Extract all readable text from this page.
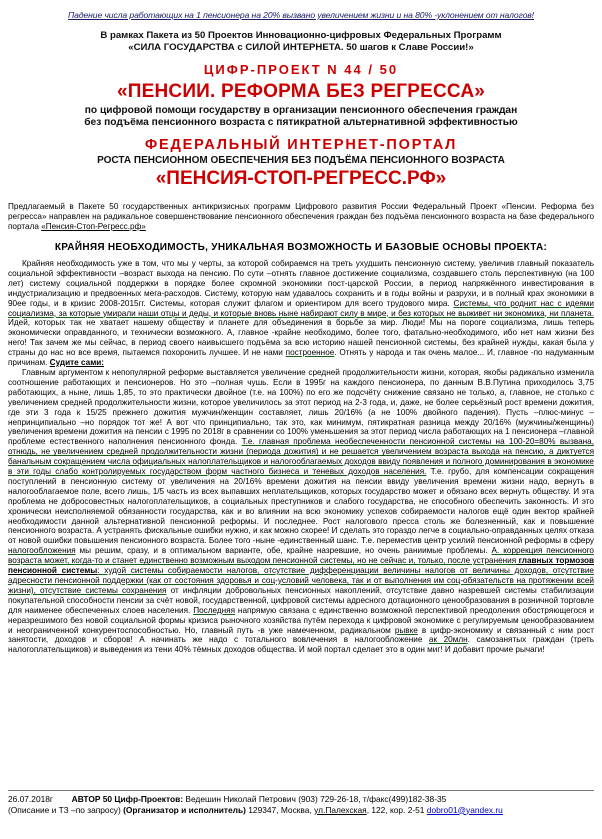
Падение числа работающих на 1 пенсионера на 20% вызвано увеличением жизни и на 80% -уклонением от налогов!
В рамках Пакета из 50 Проектов Инновационно-цифровых Федеральных Программ
«СИЛА ГОСУДАРСТВА с СИЛОЙ ИНТЕРНЕТА. 50 шагов к Славе России!»
ЦИФР-ПРОЕКТ N 44 / 50
«ПЕНСИИ. РЕФОРМА БЕЗ РЕГРЕССА»
по цифровой помощи государству в организации пенсионного обеспечения граждан
без подъёма пенсионного возраста с пятикратной альтернативной эффективностью
ФЕДЕРАЛЬНЫЙ ИНТЕРНЕТ-ПОРТАЛ
РОСТА ПЕНСИОННОМ ОБЕСПЕЧЕНИЯ БЕЗ ПОДЪЁМА ПЕНСИОННОГО ВОЗРАСТА
«ПЕНСИЯ-СТОП-РЕГРЕСС.РФ»
Предлагаемый в Пакете 50 государственных антикризисных программ Цифрового развития России Федеральный Проект «Пенсии. Реформа без регресса» направлен на радикальное совершенствование пенсионного обеспечения граждан без подъёма пенсионного возраста на базе федерального портала «Пенсия-Стоп-Регресс.рф»
КРАЙНЯЯ НЕОБХОДИМОСТЬ, УНИКАЛЬНАЯ ВОЗМОЖНОСТЬ И БАЗОВЫЕ ОСНОВЫ ПРОЕКТА:

Крайняя необходимость уже в том, что мы у черты, за которой собираемся на треть ухудшить пенсионную систему, увеличив главный показатель социальной эффективности –возраст выхода на пенсию. По сути –отнять главное достижение социализма, создавшего столь перспективную (на 100 лет) систему социальной поддержки в порядке более скромной экономики пост-царской России, в период напряжённого инвестирования в индустриализацию и предвоенных мега-расходов. Систему, которую нам удавалось сохранить и в годы войны и разрухи, и в полный крах экономики в 90ее годы, и в кризис 2008-2015гг. Системы, которая служит флагом и ориентиром для всего трудового мира. Системы, что роднит нас с идеями социализма, за которые умирали наши отцы и деды, и которые вновь ныне набирают силу в мире, и без которых не выживет ни экономика, ни планета. Идей, которых так не хватает нашему обществу и планете для объединения в борьбе за мир. Люди! Мы на пороге социализма, лишь теперь экономически оправданного, и технически возможного. А, главное -крайне необходимо, более того, фатально-необходимого, ибо нет нам жизни без него! Так зачем же мы сейчас, в период своего наивысшего подъёма за всю историю нашей пенсионной системы, без крайней нужды, какая была у страны до нас но все время, пытаемся похоронить лучшее. И не нами построенное. Отнять у народа и так очень малое... И, главное -по надуманным причинам. Судите сами:

Главным аргументом к непопулярной реформе выставляется увеличение средней продолжительности жизни, которая, якобы радикально изменила соотношение работающих и пенсионеров. Но это –полная чушь. Если в 1995г на каждого пенсионера, по данным В.В.Путина приходилось 3,75 работающих, а ныне, лишь 1,85, то это практически двойное (т.е. на 100%) по его же подсчёту снижение связано не только, а, главное, не столько с увеличением средней продолжительности жизни, которое увеличилось за этот период на 2-3 года, и, даже, не более серьёзный рост времени дожития, где эти 3 года к 15/25 прежнего дожития мужчин/женщин составляет, лишь 20/16% (а не 100% двойного падения). Пусть –плюс-минус –непринципиально –но порядок тот же! А вот что принципиально, так это, как минимум, пятикратная разница между 20/16% (мужчины/женщины) увеличения времени дожития на пенсии с 1995 по 2018г в сравнении со 100% уменьшения за этот период числа работающих на 1 пенсионера –главной проблеме естественного наполнения пенсионного фонда. Т.е. главная проблема необеспеченности пенсионной системы на 100-20=80% вызвана, отнюдь, не увеличением средней продолжительности жизни (периода дожития) и не решается увеличением возраста выхода на пенсию, а диктуется банальным сокращением числа официальных налоплательщиков и налогооблагаемых доходов ввиду появления и полного доминирования в экономике в эти годы слабо контролируемых государством форм частного бизнеса и теневых доходов населения. Т.е. грубо, для компенсации сокращения поступлений в пенсионную систему от увеличения на 20/16% времени дожития на пенсии ввиду увеличения времени жизни надо, вернуть в налогооблагаемое поле, всего лишь, 1/5 часть из всех выпавших неплательщиков, которых государство может и обязано всех вернуть обществу. И эта проблема не добросовестных налогоплательщиков, а социальных преступников и слабого государства, не способного обеспечить законность. И это хронически неисполняемой обязанности государства, как и во влиянии на всю экономику успехов собираемости налогов ещё один вектор крайней необходимости данной альтернативной пенсионной реформы. И последнее. Рост налогового пресса столь же болезненный, как и повышение пенсионного возраста. А устранять фискальные ошибки нужно, и как можно скорее! И сделать это гораздо легче в социально-оправданных целях отказа от новой ошибки повышения пенсионного возраста. Более того -ныне -единственный шанс. Т.е. переместив центр усилий пенсионной реформы в сферу налогообложения мы решим, сразу, и в оптимальном варианте, обе, крайне назревшие, но очень раниимые проблемы. А. коррекция пенсионного возраста может, когда-то и станет единственно возможным выходом пенсионной системы, но не сейчас и, только, после устранения главных тормозов пенсионной системы: худой системы собираемости налогов, отсутствие дифференциации величины налогов от величины доходов, отсутствие адресности пенсионной поддержки (как от состояния здоровья и соц-условий человека, так и от выполнения им соц-обязательств на протяжении всей жизни), отсутствие системы сохранения от инфляции добровольных пенсионных накоплений, отсутствие давно назревшей системы стабилизации покупательной способности пенсии за счёт новой, государственной, цифровой системы адресного дотационного ценообразования в розничной торговле для наименее обеспеченных слоев населения. Последняя напрямую связана с единственно возможной перспективой преодоления обостряющегося и неразрешимого без новой социальной формы кризиса рыночного хозяйства путём перехода к цифровой экономике с регулируемым ценообразованием и неограниченной конкурентоспособностью. Но, главный путь -в уже намеченном, радикальном рывке в цифр-экономику и связанный с ним рост занятости, доходов и сборов! А начинать же надо с тотального вовлечения в налогообложение ак 20млн. самозанятых граждан (треть налогоплательщиков) и выведения из тени 40% тёмных доходов общества. И мой портал сделает это в один миг! И добавит прочие рычаги!

26.07.2018г АВТОР 50 Цифр-Проектов: Ведешин Николай Петрович (903) 729-26-18, т/факс(499)182-38-35
(Описание и ТЗ –по запросу) (Организатор и исполнитель) 129347, Москва, ул.Палехская, 122, кор. 2-51 dobro01@yandex.ru
